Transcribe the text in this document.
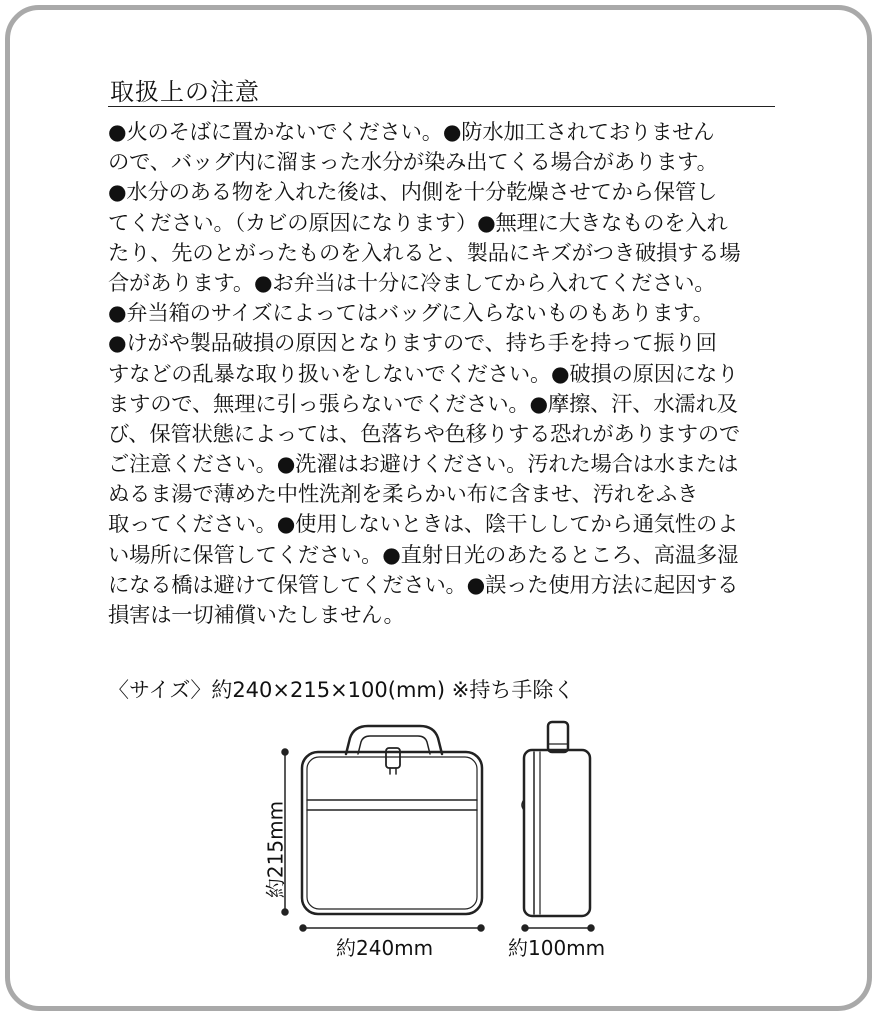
取扱上の注意
●火のそばに置かないでください。●防水加工されておりません
ので、バッグ内に溜まった水分が染み出てくる場合があります。
●水分のある物を入れた後は、内側を十分乾燥させてから保管し
てください。（カビの原因になります）●無理に大きなものを入れ
たり、先のとがったものを入れると、製品にキズがつき破損する場
合があります。●お弁当は十分に冷ましてから入れてください。
●弁当箱のサイズによってはバッグに入らないものもあります。
●けがや製品破損の原因となりますので、持ち手を持って振り回
すなどの乱暴な取り扱いをしないでください。●破損の原因になり
ますので、無理に引っ張らないでください。●摩擦、汗、水濡れ及
び、保管状態によっては、色落ちや色移りする恐れがありますので
ご注意ください。●洗濯はお避けください。汚れた場合は水または
ぬるま湯で薄めた中性洗剤を柔らかい布に含ませ、汚れをふき
取ってください。●使用しないときは、陰干ししてから通気性のよ
い場所に保管してください。●直射日光のあたるところ、高温多湿
になる橋は避けて保管してください。●誤った使用方法に起因する
損害は一切補償いたしません。
〈サイズ〉約240×215×100(mm) ※持ち手除く
約215mm
約240mm	約100mm
